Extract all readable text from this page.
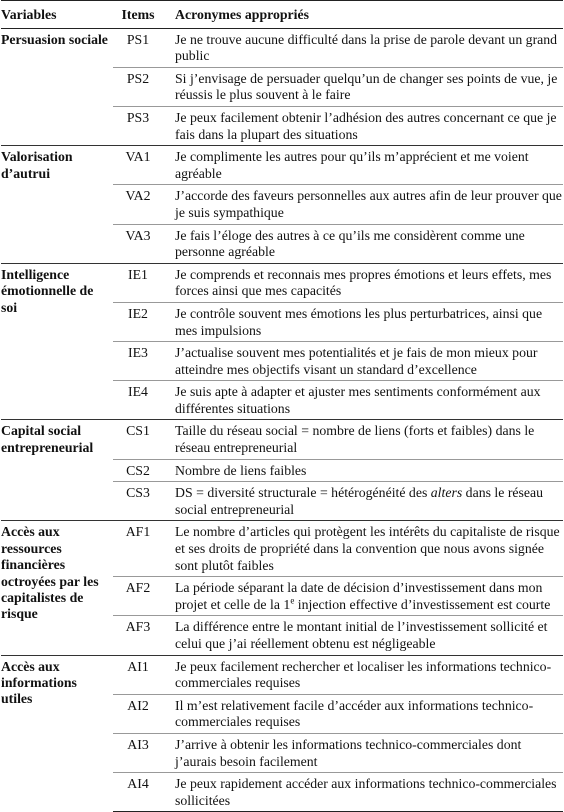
Variables	Items	Acronymes appropriés
Persuasion sociale	PS1	Je ne trouve aucune difficulté dans la prise de parole devant un grand public
	PS2	Si j’envisage de persuader quelqu’un de changer ses points de vue, je réussis le plus souvent à le faire
	PS3	Je peux facilement obtenir l’adhésion des autres concernant ce que je fais dans la plupart des situations
Valorisation d’autrui	VA1	Je complimente les autres pour qu’ils m’apprécient et me voient agréable
	VA2	J’accorde des faveurs personnelles aux autres afin de leur prouver que je suis sympathique
	VA3	Je fais l’éloge des autres à ce qu’ils me considèrent comme une personne agréable
Intelligence émotionnelle de soi	IE1	Je comprends et reconnais mes propres émotions et leurs effets, mes forces ainsi que mes capacités
	IE2	Je contrôle souvent mes émotions les plus perturbatrices, ainsi que mes impulsions
	IE3	J’actualise souvent mes potentialités et je fais de mon mieux pour atteindre mes objectifs visant un standard d’excellence
	IE4	Je suis apte à adapter et ajuster mes sentiments conformément aux différentes situations
Capital social entrepreneurial	CS1	Taille du réseau social = nombre de liens (forts et faibles) dans le réseau entrepreneurial
	CS2	Nombre de liens faibles
	CS3	DS = diversité structurale = hétérogénéité des alters dans le réseau social entrepreneurial
Accès aux ressources financières octroyées par les capitalistes de risque	AF1	Le nombre d’articles qui protègent les intérêts du capitaliste de risque et ses droits de propriété dans la convention que nous avons signée sont plutôt faibles
	AF2	La période séparant la date de décision d’investissement dans mon projet et celle de la 1e injection effective d’investissement est courte
	AF3	La différence entre le montant initial de l’investissement sollicité et celui que j’ai réellement obtenu est négligeable
Accès aux informations utiles	AI1	Je peux facilement rechercher et localiser les informations technico-commerciales requises
	AI2	Il m’est relativement facile d’accéder aux informations technico-commerciales requises
	AI3	J’arrive à obtenir les informations technico-commerciales dont j’aurais besoin facilement
	AI4	Je peux rapidement accéder aux informations technico-commerciales sollicitées
